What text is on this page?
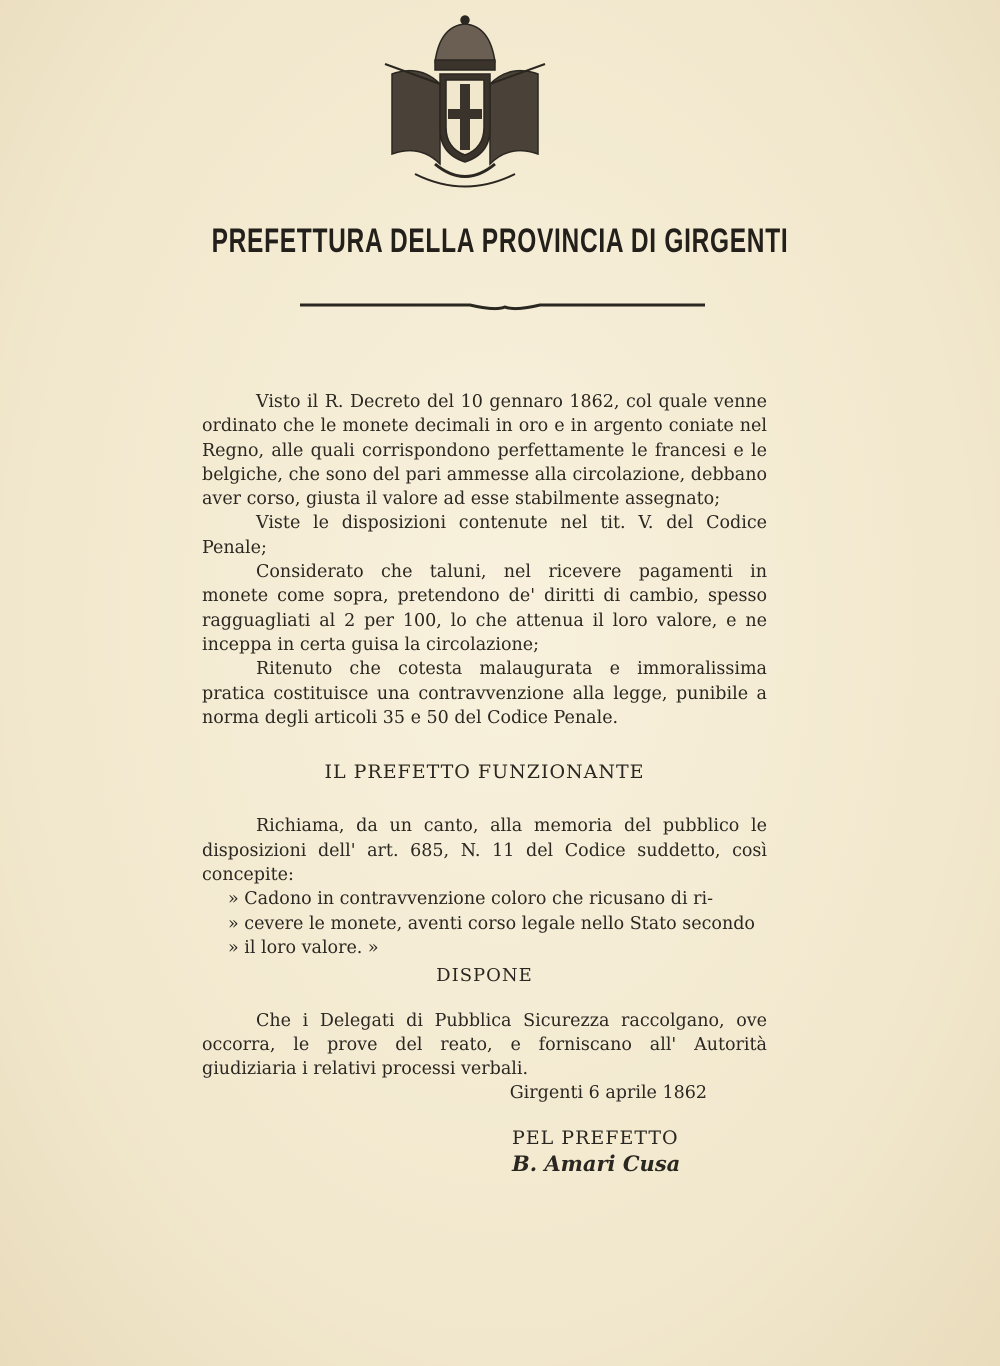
PREFETTURA DELLA PROVINCIA DI GIRGENTI

Visto il R. Decreto del 10 gennaro 1862, col quale venne ordinato che le monete decimali in oro e in argento coniate nel Regno, alle quali corrispondono perfettamente le francesi e le belgiche, che sono del pari ammesse alla circolazione, debbano aver corso, giusta il valore ad esse stabilmente assegnato;

Viste le disposizioni contenute nel tit. V. del Codice Penale;

Considerato che taluni, nel ricevere pagamenti in monete come sopra, pretendono de' diritti di cambio, spesso ragguagliati al 2 per 100, lo che attenua il loro valore, e ne inceppa in certa guisa la circolazione;

Ritenuto che cotesta malaugurata e immoralissima pratica costituisce una contravvenzione alla legge, punibile a norma degli articoli 35 e 50 del Codice Penale.

IL PREFETTO FUNZIONANTE

Richiama, da un canto, alla memoria del pubblico le disposizioni dell' art. 685, N. 11 del Codice suddetto, così concepite:

» Cadono in contravvenzione coloro che ricusano di ri-

» cevere le monete, aventi corso legale nello Stato secondo

» il loro valore. »

DISPONE

Che i Delegati di Pubblica Sicurezza raccolgano, ove occorra, le prove del reato, e forniscano all' Autorità giudiziaria i relativi processi verbali.

Girgenti 6 aprile 1862
PEL PREFETTO
B. Amari Cusa
